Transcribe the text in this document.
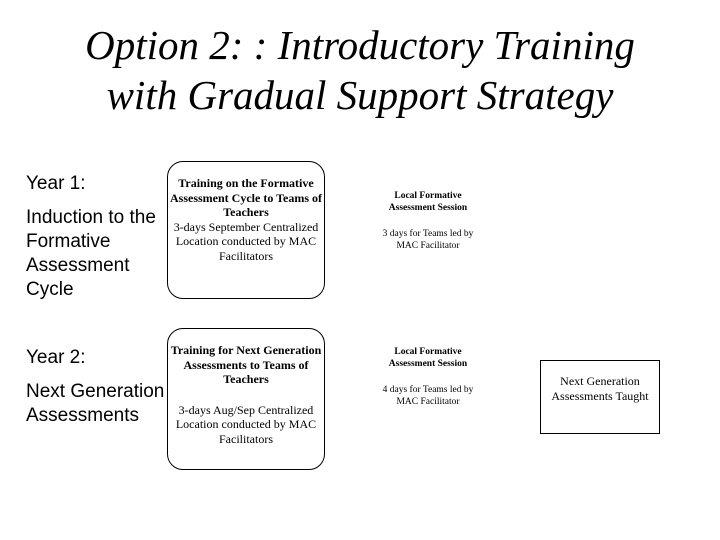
Option 2: : Introductory Training
with Gradual Support Strategy
Year 1:
Induction to the Formative Assessment Cycle
Training on the Formative Assessment Cycle to Teams of Teachers
3-days September Centralized Location conducted by MAC Facilitators
Local Formative Assessment Session
3 days for Teams led by MAC Facilitator
Year 2:
Next Generation Assessments
Training for Next Generation Assessments to Teams of Teachers
3-days Aug/Sep Centralized Location conducted by MAC Facilitators
Local Formative Assessment Session
4 days for Teams led by MAC Facilitator
Next Generation Assessments Taught
